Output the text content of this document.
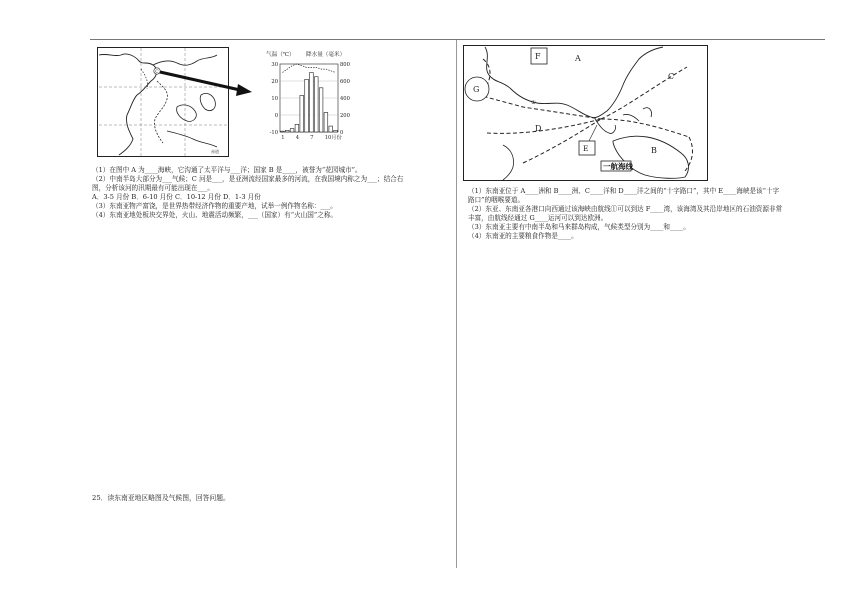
C
赤道
气温（℃） 降水量（毫米）
30
20
10
0
-10
800
600
400
200
0
1 4 7 10月份

（1）在图中 A 为____海峡，它沟通了太平洋与___洋；国家 B 是____，被誉为“花园城市”。

（2）中南半岛大部分为___气候；C 河是___，是亚洲流经国家最多的河流，在我国境内称之为___；结合右

图，分析该河的汛期最有可能出现在___。

A．3-5 月份 B．6-10 月份 C．10-12 月份 D．1-3 月份

（3）东南亚物产富饶，是世界热带经济作物的重要产地，试举一例作物名称：___。

（4）东南亚地处板块交界处，火山、地震活动频繁，___（国家）有“火山国”之称。

25．读东南亚地区略图及气候图，回答问题。
F	A
C
G
D
B
①
E
一航海线

（1）东南亚位于 A____洲和 B____洲、C____洋和 D____洋之间的“十字路口”，其中 E____海峡是该“十字

路口”的咽喉要道。

（2）东亚、东南亚各港口向西通过该海峡由航线①可以到达 F____湾，该海湾及其沿岸地区的石油资源非常

丰富，由航线经通过 G____运河可以到达欧洲。

（3）东南亚主要有中南半岛和马来群岛构成，气候类型分别为____和____。

（4）东南亚的主要粮食作物是____。
